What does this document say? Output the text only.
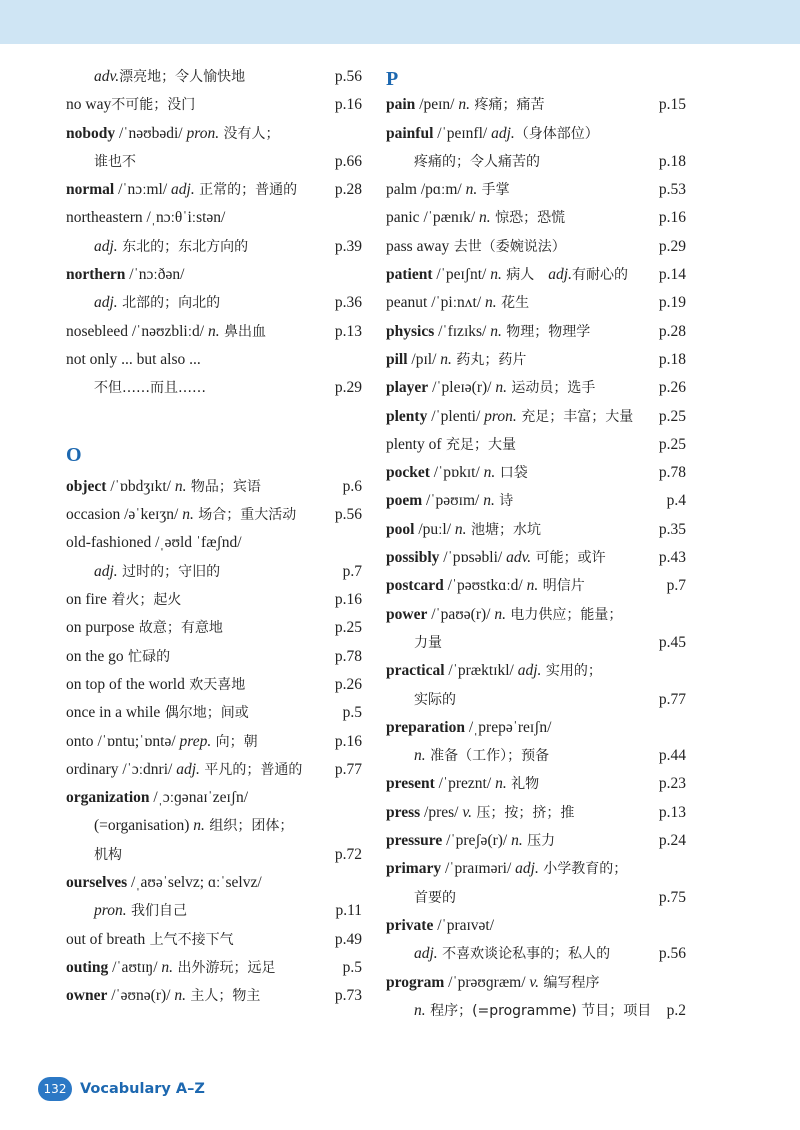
adv.漂亮地；令人愉快地	p.56
no way不可能；没门	p.16
nobody /ˈnəʊbədi/ pron. 没有人；
谁也不	p.66
normal /ˈnɔːml/ adj. 正常的；普通的 p.28
northeastern /ˌnɔːθˈiːstən/
adj. 东北的；东北方向的	p.39
northern /ˈnɔːðən/
adj. 北部的；向北的	p.36
nosebleed /ˈnəʊzbliːd/ n. 鼻出血	p.13
not only ... but also ...
不但……而且……	p.29
O
object /ˈɒbdʒɪkt/ n. 物品；宾语	p.6
occasion /əˈkeɪʒn/ n. 场合；重大活动 p.56
old-fashioned /ˌəʊld ˈfæʃnd/
adj. 过时的；守旧的	p.7
on fire 着火；起火	p.16
on purpose 故意；有意地	p.25
on the go 忙碌的	p.78
on top of the world 欢天喜地	p.26
once in a while 偶尔地；间或	p.5
onto /ˈɒntu;ˈɒntə/ prep. 向；朝	p.16
ordinary /ˈɔːdnri/ adj. 平凡的；普通的 p.77
organization /ˌɔːɡənaɪˈzeɪʃn/
(=organisation) n. 组织；团体；
机构	p.72
ourselves /ˌaʊəˈselvz; ɑːˈselvz/
pron. 我们自己	p.11
out of breath 上气不接下气	p.49
outing /ˈaʊtɪŋ/ n. 出外游玩；远足	p.5
owner /ˈəʊnə(r)/ n. 主人；物主	p.73
P
pain /peɪn/ n. 疼痛；痛苦	p.15
painful /ˈpeɪnfl/ adj.（身体部位）
疼痛的；令人痛苦的	p.18
palm /pɑːm/ n. 手掌	p.53
panic /ˈpænɪk/ n. 惊恐；恐慌	p.16
pass away 去世（委婉说法）	p.29
patient /ˈpeɪʃnt/ n. 病人　adj.有耐心的 p.14
peanut /ˈpiːnʌt/ n. 花生	p.19
physics /ˈfɪzɪks/ n. 物理；物理学	p.28
pill /pɪl/ n. 药丸；药片	p.18
player /ˈpleɪə(r)/ n. 运动员；选手	p.26
plenty /ˈplenti/ pron. 充足；丰富；大量 p.25
plenty of 充足；大量	p.25
pocket /ˈpɒkɪt/ n. 口袋	p.78
poem /ˈpəʊɪm/ n. 诗	p.4
pool /puːl/ n. 池塘；水坑	p.35
possibly /ˈpɒsəbli/ adv. 可能；或许	p.43
postcard /ˈpəʊstkɑːd/ n. 明信片	p.7
power /ˈpaʊə(r)/ n. 电力供应；能量；
力量	p.45
practical /ˈpræktɪkl/ adj. 实用的；
实际的	p.77
preparation /ˌprepəˈreɪʃn/
n. 准备（工作）；预备	p.44
present /ˈpreznt/ n. 礼物	p.23
press /pres/ v. 压；按；挤；推	p.13
pressure /ˈpreʃə(r)/ n. 压力	p.24
primary /ˈpraɪməri/ adj. 小学教育的；
首要的	p.75
private /ˈpraɪvət/
adj. 不喜欢谈论私事的；私人的	p.56
program /ˈprəʊɡræm/ v. 编写程序
n. 程序；(=programme) 节目；项目 p.2
132 Vocabulary A–Z
